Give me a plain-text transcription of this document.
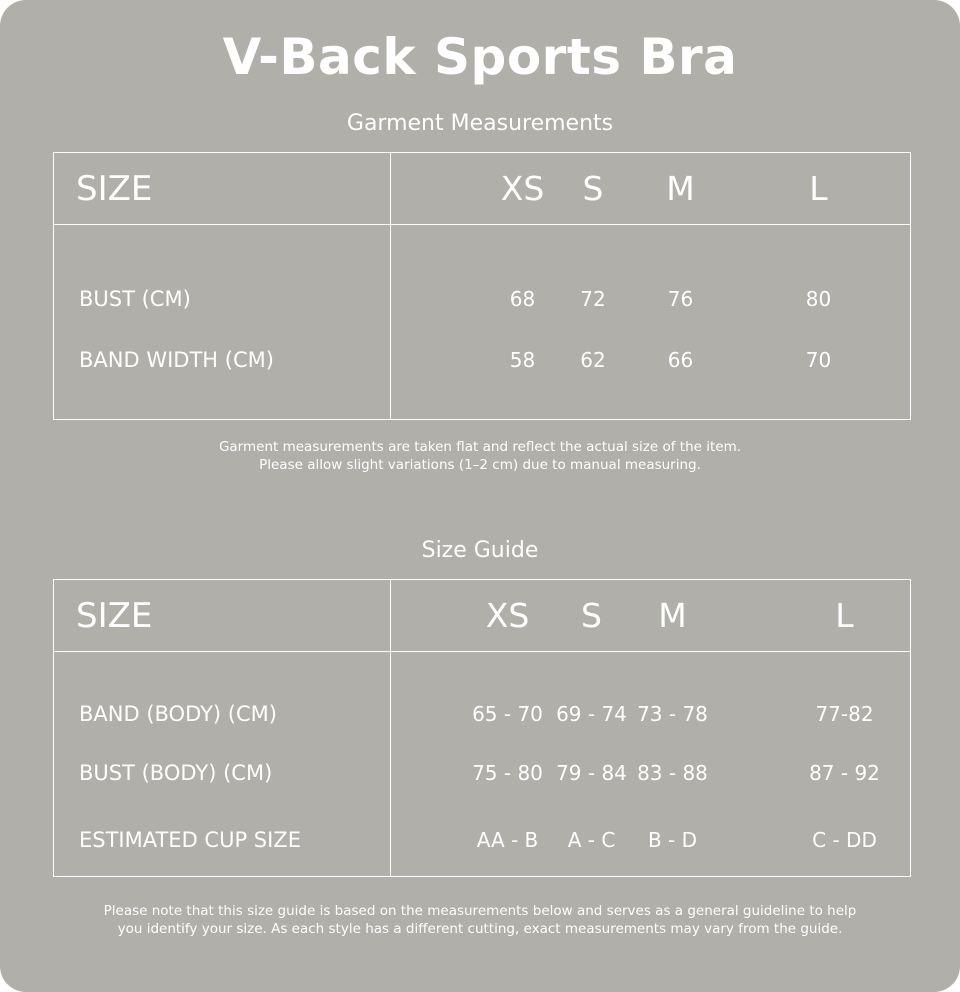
V-Back Sports Bra
Garment Measurements
SIZE	XS	S	M	L
BUST (CM)	68	72	76	80
BAND WIDTH (CM)	58	62	66	70

Garment measurements are taken flat and reflect the actual size of the item.
Please allow slight variations (1–2 cm) due to manual measuring.
Size Guide
SIZE	XS	S	M	L
BAND (BODY) (CM)	65 - 70	69 - 74	73 - 78	77-82
BUST (BODY) (CM)	75 - 80	79 - 84	83 - 88	87 - 92
ESTIMATED CUP SIZE	AA - B	A - C	B - D	C - DD

Please note that this size guide is based on the measurements below and serves as a general guideline to help
you identify your size. As each style has a different cutting, exact measurements may vary from the guide.
